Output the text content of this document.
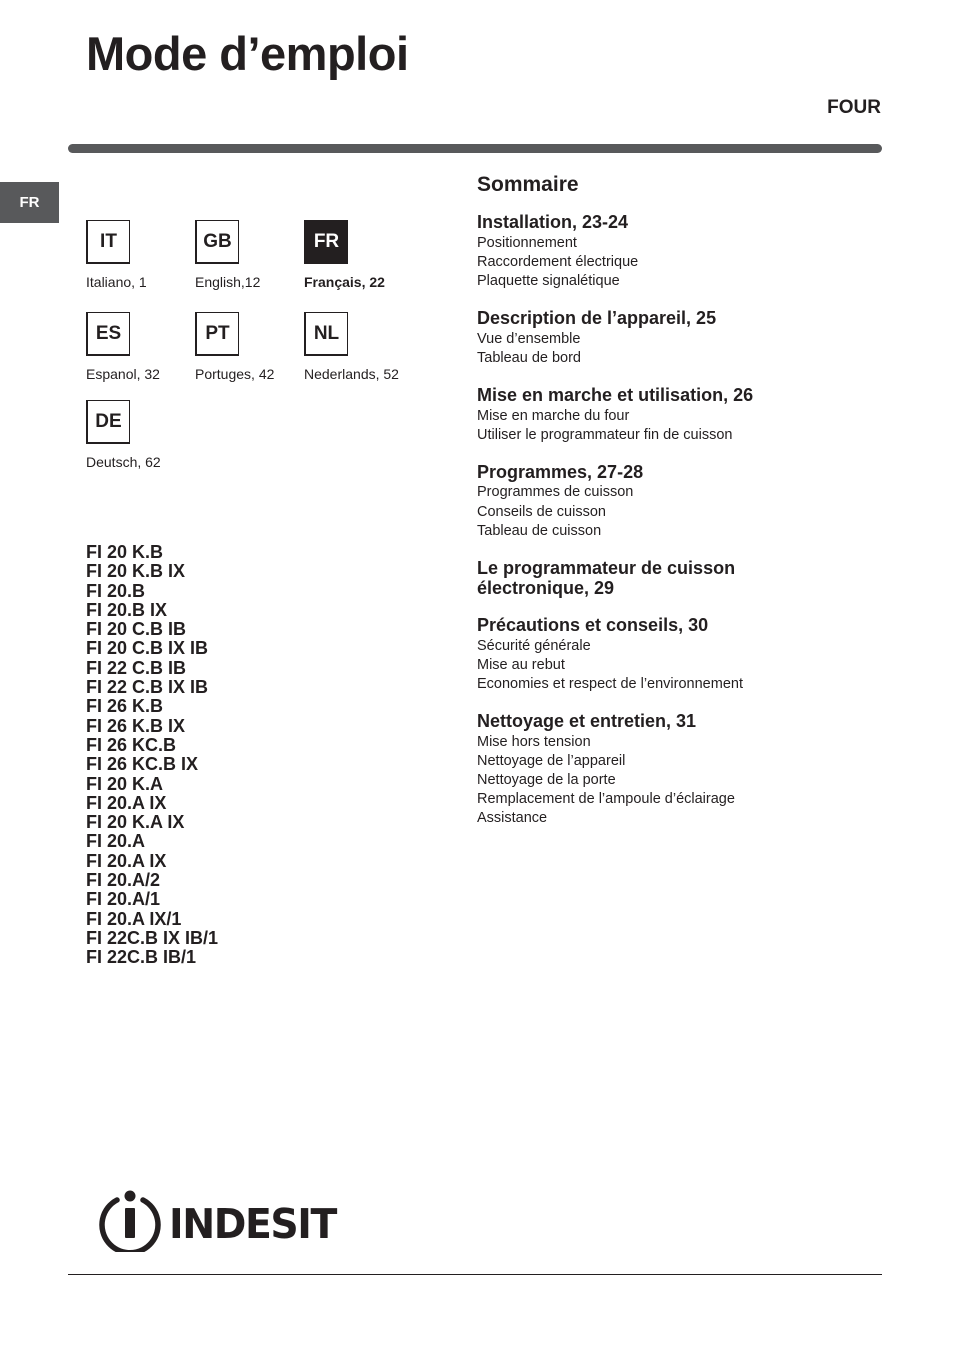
Mode d’emploi
FOUR
FR
IT
Italiano, 1
GB
English,12
FR
Français, 22
ES
Espanol, 32
PT
Portuges, 42
NL
Nederlands, 52
DE
Deutsch, 62
FI 20 K.B
FI 20 K.B IX
FI 20.B
FI 20.B IX
FI 20 C.B IB
FI 20 C.B IX IB
FI 22 C.B IB
FI 22 C.B IX IB
FI 26 K.B
FI 26 K.B IX
FI 26 KC.B
FI 26 KC.B IX
FI 20 K.A
FI 20.A IX
FI 20 K.A IX
FI 20.A
FI 20.A IX
FI 20.A/2
FI 20.A/1
FI 20.A IX/1
FI 22C.B IX IB/1
FI 22C.B IB/1
Sommaire
Installation, 23-24
Positionnement
Raccordement électrique
Plaquette signalétique
Description de l’appareil, 25
Vue d’ensemble
Tableau de bord
Mise en marche et utilisation, 26
Mise en marche du four
Utiliser le programmateur fin de cuisson
Programmes, 27-28
Programmes de cuisson
Conseils de cuisson
Tableau de cuisson
Le programmateur de cuisson électronique, 29
Précautions et conseils, 30
Sécurité générale
Mise au rebut
Economies et respect de l’environnement
Nettoyage et entretien, 31
Mise hors tension
Nettoyage de l’appareil
Nettoyage de la porte
Remplacement de l’ampoule d’éclairage
Assistance
INDESIT
